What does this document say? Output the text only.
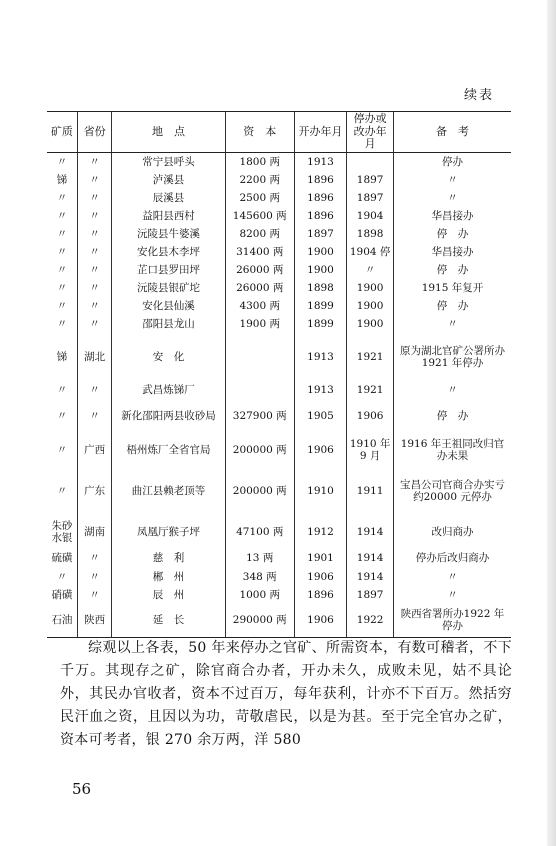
续表
矿质	省份	地　点	资　本	开办年月	停办或改办年月	备　考
〃	〃	常宁县呼头	1800 两	1913		停办
锑	〃	泸溪县	2200 两	1896	1897	〃
〃	〃	辰溪县	2500 两	1896	1897	〃
〃	〃	益阳县西村	145600 两	1896	1904	华昌接办
〃	〃	沅陵县牛婆溪	8200 两	1897	1898	停　办
〃	〃	安化县木李坪	31400 两	1900	1904 停	华昌接办
〃	〃	芷口县罗田坪	26000 两	1900	〃	停　办
〃	〃	沅陵县银矿坨	26000 两	1898	1900	1915 年复开
〃	〃	安化县仙溪	4300 两	1899	1900	停　办
〃	〃	邵阳县龙山	1900 两	1899	1900	〃
锑	湖北	安　化		1913	1921	原为湖北官矿公署所办1921 年停办
〃	〃	武昌炼锑厂		1913	1921	〃
〃	〃	新化邵阳两县收砂局	327900 两	1905	1906	停　办
〃	广西	梧州炼厂全省官局	200000 两	1906	1910 年9 月	1916 年王祖同改归官办未果
〃	广东	曲江县赖老顶等	200000 两	1910	1911	宝昌公司官商合办实亏约20000 元停办
朱砂水银	湖南	凤凰厅猴子坪	47100 两	1912	1914	改归商办
硫磺	〃	慈　利	13 两	1901	1914	停办后改归商办
〃	〃	郴　州	348 两	1906	1914	〃
硝磺	〃	辰　州	1000 两	1896	1897	〃
石油	陕西	延　长	290000 两	1906	1922	陕西省署所办1922 年停办

综观以上各表，50 年来停办之官矿、所需资本，有数可稽者，不下千万。其现存之矿，除官商合办者，开办未久，成败未见，姑不具论外，其民办官收者，资本不过百万，每年获利，计亦不下百万。然括穷民汗血之资，且因以为功，苛敬虐民，以是为甚。至于完全官办之矿，资本可考者，银 270 余万两，洋 580

56
